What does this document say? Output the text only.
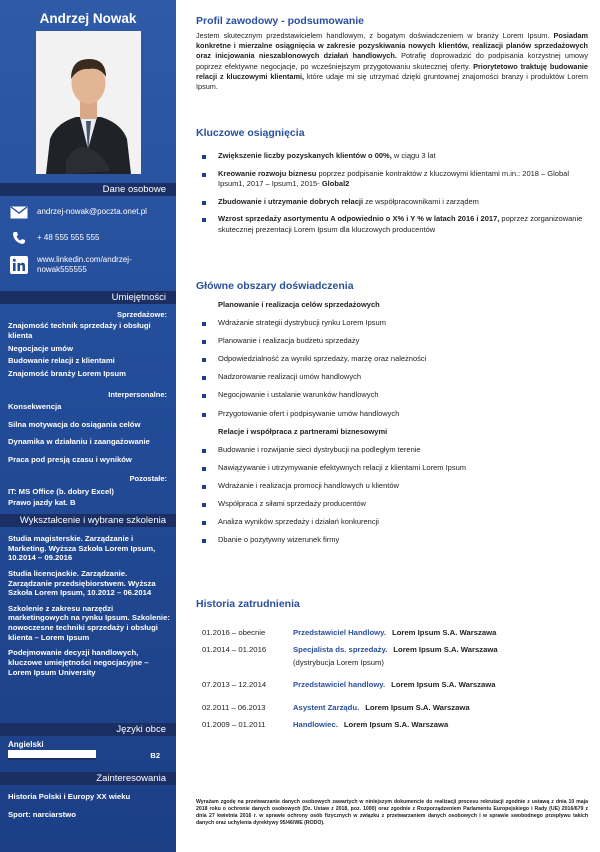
Andrzej Nowak
Dane osobowe
andrzej-nowak@poczta.onet.pl
+ 48 555 555 555
www.linkedin.com/andrzej-nowak555555
Umiejętności
Sprzedażowe:
Znajomość technik sprzedaży i obsługi klienta
Negocjacje umów
Budowanie relacji z klientami
Znajomość branży Lorem Ipsum
Interpersonalne:
Konsekwencja
Silna motywacja do osiągania celów
Dynamika w działaniu i zaangażowanie
Praca pod presją czasu i wyników
Pozostałe:
IT: MS Office (b. dobry Excel)
Prawo jazdy kat. B
Wykształcenie i wybrane szkolenia

Studia magisterskie. Zarządzanie i Marketing. Wyższa Szkoła Lorem Ipsum, 10.2014 – 09.2016

Studia licencjackie. Zarządzanie. Zarządzanie przedsiębiorstwem. Wyższa Szkoła Lorem Ipsum, 10.2012 – 06.2014

Szkolenie z zakresu narzędzi marketingowych na rynku Ipsum. Szkolenie: nowoczesne techniki sprzedaży i obsługi klienta – Lorem Ipsum

Podejmowanie decyzji handlowych, kluczowe umiejętności negocjacyjne – Lorem Ipsum University

Języki obce
Angielski
B2
Zainteresowania
Historia Polski i Europy XX wieku
Sport: narciarstwo
Profil zawodowy - podsumowanie
Jestem skutecznym przedstawicielem handlowym, z bogatym doświadczeniem w branży Lorem Ipsum. Posiadam konkretne i mierzalne osiągnięcia w zakresie pozyskiwania nowych klientów, realizacji planów sprzedażowych oraz inicjowania nieszablonowych działań handlowych. Potrafię doprowadzić do podpisania korzystnej umowy poprzez efektywne negocjacje, po wcześniejszym przygotowaniu skutecznej oferty. Priorytetowo traktuję budowanie relacji z kluczowymi klientami, które udaje mi się utrzymać dzięki gruntownej znajomości branży i produktów Lorem Ipsum.
Kluczowe osiągnięcia
Zwiększenie liczby pozyskanych klientów o 00%, w ciągu 3 lat
Kreowanie rozwoju biznesu poprzez podpisanie kontraktów z kluczowymi klientami m.in.: 2018 – Global Ipsum1, 2017 – Ipsum1, 2015- Global2
Zbudowanie i utrzymanie dobrych relacji ze współpracownikami i zarządem
Wzrost sprzedaży asortymentu A odpowiednio o X% i Y % w latach 2016 i 2017, poprzez zorganizowanie skutecznej prezentacji Lorem Ipsum dla kluczowych producentów
Główne obszary doświadczenia
Planowanie i realizacja celów sprzedażowych
Wdrażanie strategii dystrybucji rynku Lorem Ipsum
Planowanie i realizacja budżetu sprzedaży
Odpowiedzialność za wyniki sprzedaży, marżę oraz należności
Nadzorowanie realizacji umów handlowych
Negocjowanie i ustalanie warunków handlowych
Przygotowanie ofert i podpisywanie umów handlowych
Relacje i współpraca z partnerami biznesowymi
Budowanie i rozwijanie sieci dystrybucji na podległym terenie
Nawiązywanie i utrzymywanie efektywnych relacji z klientami Lorem Ipsum
Wdrażanie i realizacja promocji handlowych u klientów
Współpraca z siłami sprzedaży producentów
Analiza wyników sprzedaży i działań konkurencji
Dbanie o pozytywny wizerunek firmy
Historia zatrudnienia
01.2016 – obecnie	Przedstawiciel Handlowy. Lorem Ipsum S.A. Warszawa
01.2014 – 01.2016	Specjalista ds. sprzedaży. Lorem Ipsum S.A. Warszawa
(dystrybucja Lorem Ipsum)
07.2013 – 12.2014	Przedstawiciel handlowy. Lorem Ipsum S.A. Warszawa
02.2011 – 06.2013	Asystent Zarządu. Lorem Ipsum S.A. Warszawa
01.2009 – 01.2011	Handlowiec. Lorem Ipsum S.A. Warszawa
Wyrażam zgodę na przetwarzanie danych osobowych zawartych w niniejszym dokumencie do realizacji procesu rekrutacji zgodnie z ustawą z dnia 10 maja 2018 roku o ochronie danych osobowych (Dz. Ustaw z 2018, poz. 1000) oraz zgodnie z Rozporządzeniem Parlamentu Europejskiego i Rady (UE) 2016/679 z dnia 27 kwietnia 2016 r. w sprawie ochrony osób fizycznych w związku z przetwarzaniem danych osobowych i w sprawie swobodnego przepływu takich danych oraz uchylenia dyrektywy 95/46/WE (RODO).
